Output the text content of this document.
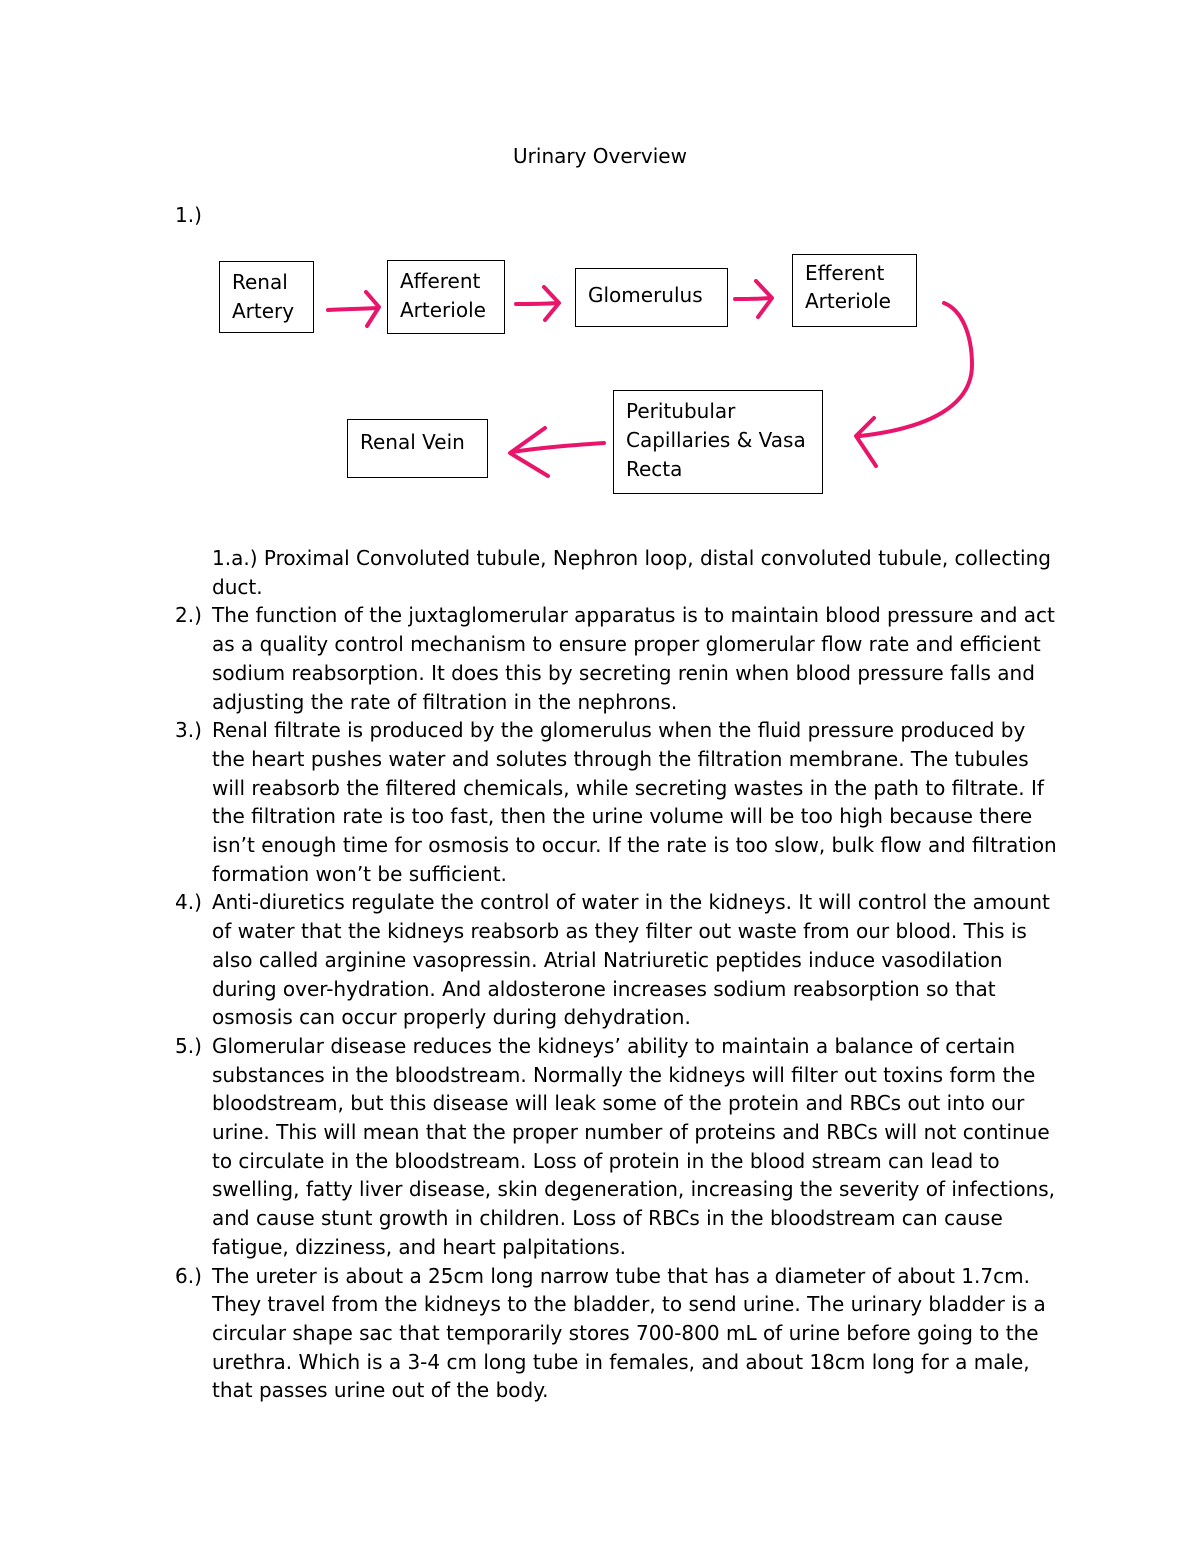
Urinary Overview
1.)
Renal Artery
Afferent Arteriole
Glomerulus
Efferent Arteriole
Peritubular Capillaries & Vasa Recta
Renal Vein
1.a.) Proximal Convoluted tubule, Nephron loop, distal convoluted tubule, collecting duct.
2.) The function of the juxtaglomerular apparatus is to maintain blood pressure and act as a quality control mechanism to ensure proper glomerular flow rate and efficient sodium reabsorption. It does this by secreting renin when blood pressure falls and adjusting the rate of filtration in the nephrons.
3.) Renal filtrate is produced by the glomerulus when the fluid pressure produced by the heart pushes water and solutes through the filtration membrane. The tubules will reabsorb the filtered chemicals, while secreting wastes in the path to filtrate. If the filtration rate is too fast, then the urine volume will be too high because there isn’t enough time for osmosis to occur. If the rate is too slow, bulk flow and filtration formation won’t be sufficient.
4.) Anti-diuretics regulate the control of water in the kidneys. It will control the amount of water that the kidneys reabsorb as they filter out waste from our blood. This is also called arginine vasopressin. Atrial Natriuretic peptides induce vasodilation during over-hydration. And aldosterone increases sodium reabsorption so that osmosis can occur properly during dehydration.
5.) Glomerular disease reduces the kidneys’ ability to maintain a balance of certain substances in the bloodstream. Normally the kidneys will filter out toxins form the bloodstream, but this disease will leak some of the protein and RBCs out into our urine. This will mean that the proper number of proteins and RBCs will not continue to circulate in the bloodstream. Loss of protein in the blood stream can lead to swelling, fatty liver disease, skin degeneration, increasing the severity of infections, and cause stunt growth in children. Loss of RBCs in the bloodstream can cause fatigue, dizziness, and heart palpitations.
6.) The ureter is about a 25cm long narrow tube that has a diameter of about 1.7cm. They travel from the kidneys to the bladder, to send urine. The urinary bladder is a circular shape sac that temporarily stores 700-800 mL of urine before going to the urethra. Which is a 3-4 cm long tube in females, and about 18cm long for a male, that passes urine out of the body.
